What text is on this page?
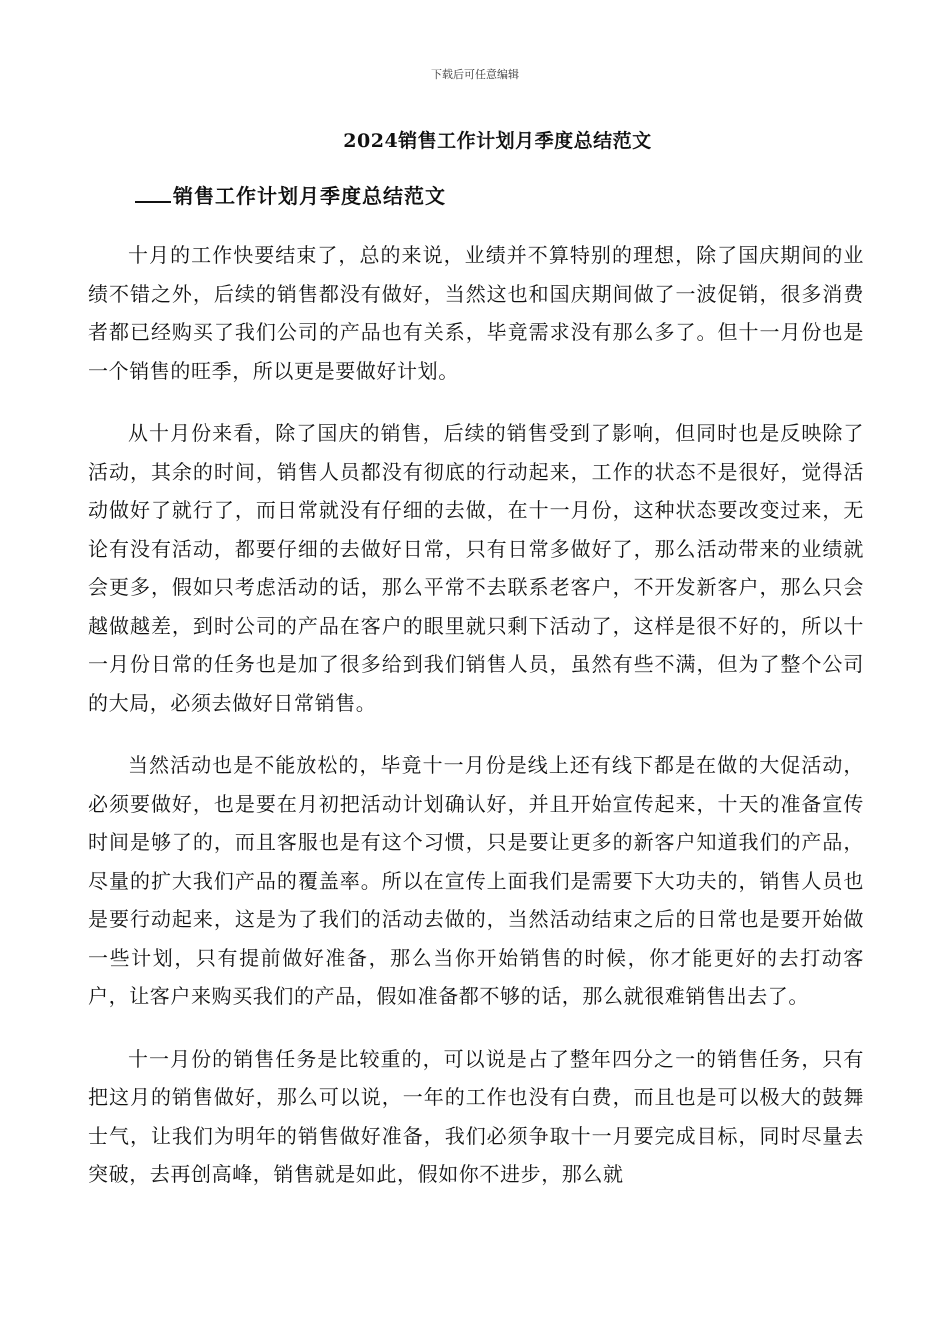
下载后可任意编辑
2024销售工作计划月季度总结范文
销售工作计划月季度总结范文

十月的工作快要结束了，总的来说，业绩并不算特别的理想，除了国庆期间的业绩不错之外，后续的销售都没有做好，当然这也和国庆期间做了一波促销，很多消费者都已经购买了我们公司的产品也有关系，毕竟需求没有那么多了。但十一月份也是一个销售的旺季，所以更是要做好计划。

从十月份来看，除了国庆的销售，后续的销售受到了影响，但同时也是反映除了活动，其余的时间，销售人员都没有彻底的行动起来，工作的状态不是很好，觉得活动做好了就行了，而日常就没有仔细的去做，在十一月份，这种状态要改变过来，无论有没有活动，都要仔细的去做好日常，只有日常多做好了，那么活动带来的业绩就会更多，假如只考虑活动的话，那么平常不去联系老客户，不开发新客户，那么只会越做越差，到时公司的产品在客户的眼里就只剩下活动了，这样是很不好的，所以十一月份日常的任务也是加了很多给到我们销售人员，虽然有些不满，但为了整个公司的大局，必须去做好日常销售。

当然活动也是不能放松的，毕竟十一月份是线上还有线下都是在做的大促活动，必须要做好，也是要在月初把活动计划确认好，并且开始宣传起来，十天的准备宣传时间是够了的，而且客服也是有这个习惯，只是要让更多的新客户知道我们的产品，尽量的扩大我们产品的覆盖率。所以在宣传上面我们是需要下大功夫的，销售人员也是要行动起来，这是为了我们的活动去做的，当然活动结束之后的日常也是要开始做一些计划，只有提前做好准备，那么当你开始销售的时候，你才能更好的去打动客户，让客户来购买我们的产品，假如准备都不够的话，那么就很难销售出去了。

十一月份的销售任务是比较重的，可以说是占了整年四分之一的销售任务，只有把这月的销售做好，那么可以说，一年的工作也没有白费，而且也是可以极大的鼓舞士气，让我们为明年的销售做好准备，我们必须争取十一月要完成目标，同时尽量去突破，去再创高峰，销售就是如此，假如你不进步，那么就
